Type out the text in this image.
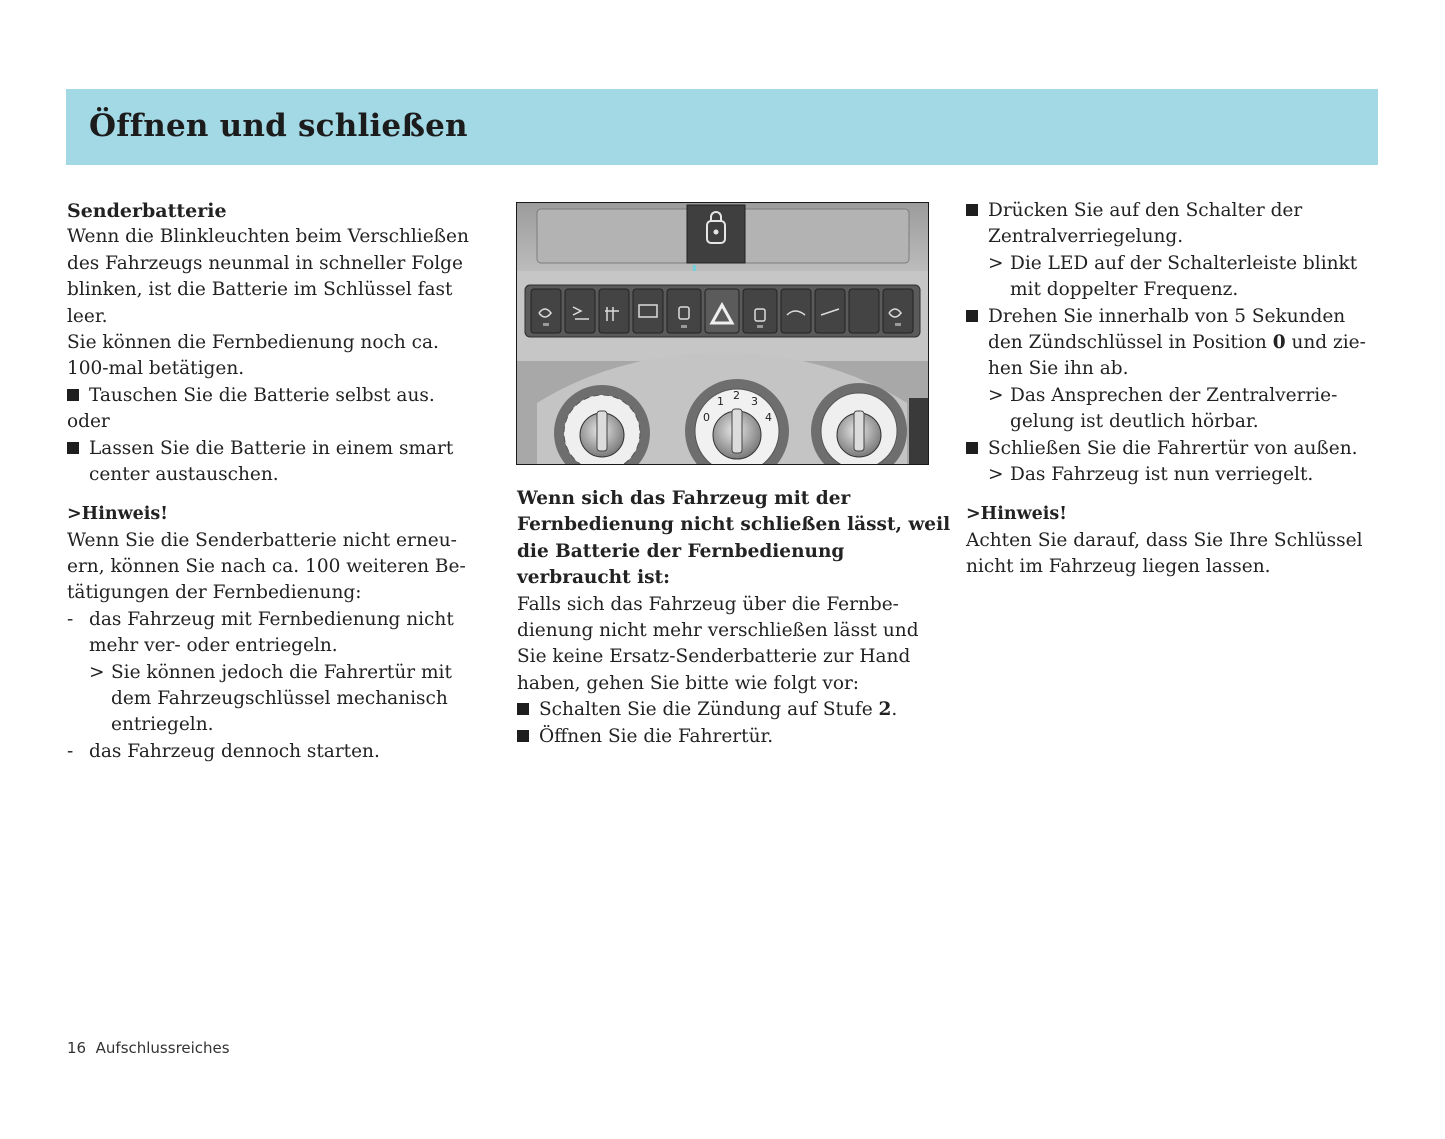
Öffnen und schließen
Senderbatterie
Wenn die Blinkleuchten beim Verschließen
des Fahrzeugs neunmal in schneller Folge
blinken, ist die Batterie im Schlüssel fast
leer.
Sie können die Fernbedienung noch ca.
100-mal betätigen.
Tauschen Sie die Batterie selbst aus.
oder
Lassen Sie die Batterie in einem smart
center austauschen.
>Hinweis!
Wenn Sie die Senderbatterie nicht erneu-
ern, können Sie nach ca. 100 weiteren Be-
tätigungen der Fernbedienung:
- das Fahrzeug mit Fernbedienung nicht
mehr ver- oder entriegeln.
> Sie können jedoch die Fahrertür mit
dem Fahrzeugschlüssel mechanisch
entriegeln.
- das Fahrzeug dennoch starten.
0
1 2 3
4
Wenn sich das Fahrzeug mit der
Fernbedienung nicht schließen lässt, weil
die Batterie der Fernbedienung
verbraucht ist:
Falls sich das Fahrzeug über die Fernbe-
dienung nicht mehr verschließen lässt und
Sie keine Ersatz-Senderbatterie zur Hand
haben, gehen Sie bitte wie folgt vor:
Schalten Sie die Zündung auf Stufe 2.
Öffnen Sie die Fahrertür.
Drücken Sie auf den Schalter der
Zentralverriegelung.
> Die LED auf der Schalterleiste blinkt
mit doppelter Frequenz.
Drehen Sie innerhalb von 5 Sekunden
den Zündschlüssel in Position 0 und zie-
hen Sie ihn ab.
> Das Ansprechen der Zentralverrie-
gelung ist deutlich hörbar.
Schließen Sie die Fahrertür von außen.
> Das Fahrzeug ist nun verriegelt.
>Hinweis!
Achten Sie darauf, dass Sie Ihre Schlüssel
nicht im Fahrzeug liegen lassen.
16 Aufschlussreiches
